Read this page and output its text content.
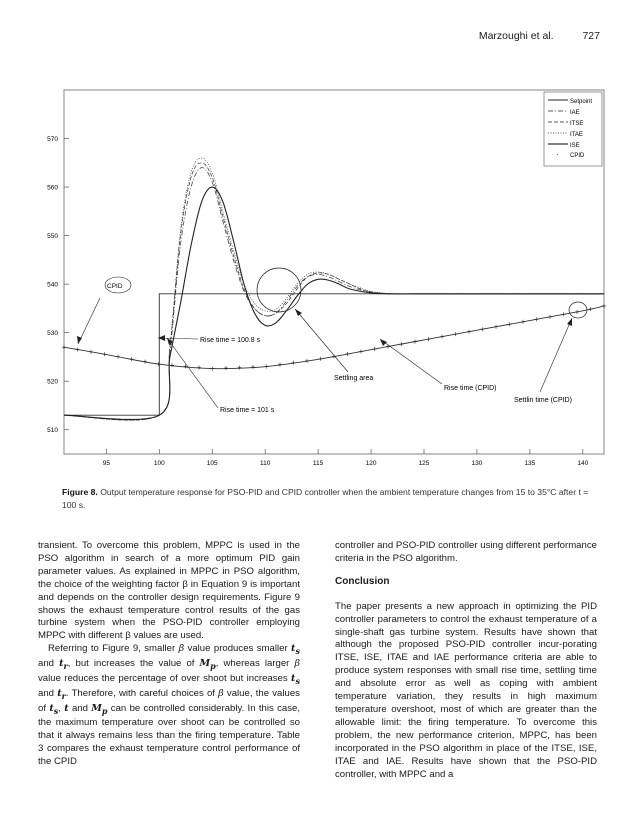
Marzoughi et al.	727
510
520
530
540
550
560
570
95	100	105	110	115	120	125	130	135	140
Setpoint
IAE
ITSE
ITAE
ISE
· CPID
CPID
Rise time = 100.8 s
Rise time = 101 s
Settling area
Rise time (CPID)
Settlin time (CPID)
Figure 8. Output temperature response for PSO-PID and CPID controller when the ambient temperature changes from 15 to 35°C after t = 100 s.

transient. To overcome this problem, MPPC is used in the PSO algorithm in search of a more optimum PID gain parameter values. As explained in MPPC in PSO algorithm, the choice of the weighting factor β in Equation 9 is important and depends on the controller design requirements. Figure 9 shows the exhaust temperature control results of the gas turbine system when the PSO-PID controller employing MPPC with different β values are used.

Referring to Figure 9, smaller β value produces smaller $t_s$ and $t_r$, but increases the value of $M_p$, whereas larger β value reduces the percentage of over shoot but increases $t_s$ and $t_r$. Therefore, with careful choices of β value, the values of $t_s$, t and $M_p$ can be controlled considerably. In this case, the maximum temperature over shoot can be controlled so that it always remains less than the firing temperature. Table 3 compares the exhaust temperature control performance of the CPID

controller and PSO-PID controller using different performance criteria in the PSO algorithm.

Conclusion

The paper presents a new approach in optimizing the PID controller parameters to control the exhaust temperature of a single-shaft gas turbine system. Results have shown that although the proposed PSO-PID controller incur-porating ITSE, ISE, ITAE and IAE performance criteria are able to produce system responses with small rise time, settling time and absolute error as well as coping with ambient temperature variation, they results in high maximum temperature overshoot, most of which are greater than the allowable limit: the firing temperature. To overcome this problem, the new performance criterion, MPPC, has been incorporated in the PSO algorithm in place of the ITSE, ISE, ITAE and IAE. Results have shown that the PSO-PID controller, with MPPC and a
